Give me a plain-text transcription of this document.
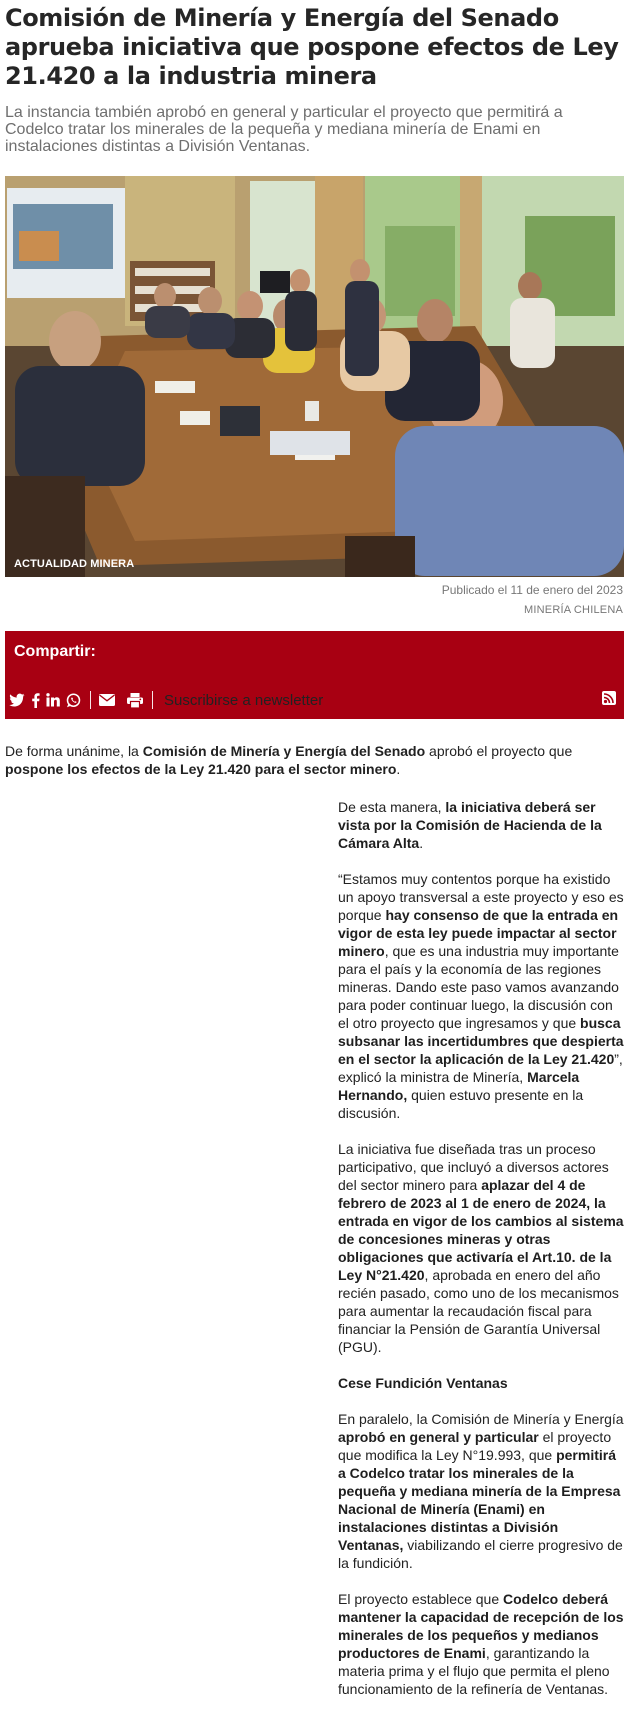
Comisión de Minería y Energía del Senado aprueba iniciativa que pospone efectos de Ley 21.420 a la industria minera

La instancia también aprobó en general y particular el proyecto que permitirá a Codelco tratar los minerales de la pequeña y mediana minería de Enami en instalaciones distintas a División Ventanas.

ACTUALIDAD MINERA
Publicado el 11 de enero del 2023
MINERÍA CHILENA
Compartir:
Suscribirse a newsletter

De forma unánime, la Comisión de Minería y Energía del Senado aprobó el proyecto que pospone los efectos de la Ley 21.420 para el sector minero.

De esta manera, la iniciativa deberá ser vista por la Comisión de Hacienda de la Cámara Alta.

“Estamos muy contentos porque ha existido un apoyo transversal a este proyecto y eso es porque hay consenso de que la entrada en vigor de esta ley puede impactar al sector minero, que es una industria muy importante para el país y la economía de las regiones mineras. Dando este paso vamos avanzando para poder continuar luego, la discusión con el otro proyecto que ingresamos y que busca subsanar las incertidumbres que despierta en el sector la aplicación de la Ley 21.420”, explicó la ministra de Minería, Marcela Hernando, quien estuvo presente en la discusión.

La iniciativa fue diseñada tras un proceso participativo, que incluyó a diversos actores del sector minero para aplazar del 4 de febrero de 2023 al 1 de enero de 2024, la entrada en vigor de los cambios al sistema de concesiones mineras y otras obligaciones que activaría el Art.10. de la Ley N°21.420, aprobada en enero del año recién pasado, como uno de los mecanismos para aumentar la recaudación fiscal para financiar la Pensión de Garantía Universal (PGU).

Cese Fundición Ventanas

En paralelo, la Comisión de Minería y Energía aprobó en general y particular el proyecto que modifica la Ley N°19.993, que permitirá a Codelco tratar los minerales de la pequeña y mediana minería de la Empresa Nacional de Minería (Enami) en instalaciones distintas a División Ventanas, viabilizando el cierre progresivo de la fundición.

El proyecto establece que Codelco deberá mantener la capacidad de recepción de los minerales de los pequeños y medianos productores de Enami, garantizando la materia prima y el flujo que permita el pleno funcionamiento de la refinería de Ventanas.
